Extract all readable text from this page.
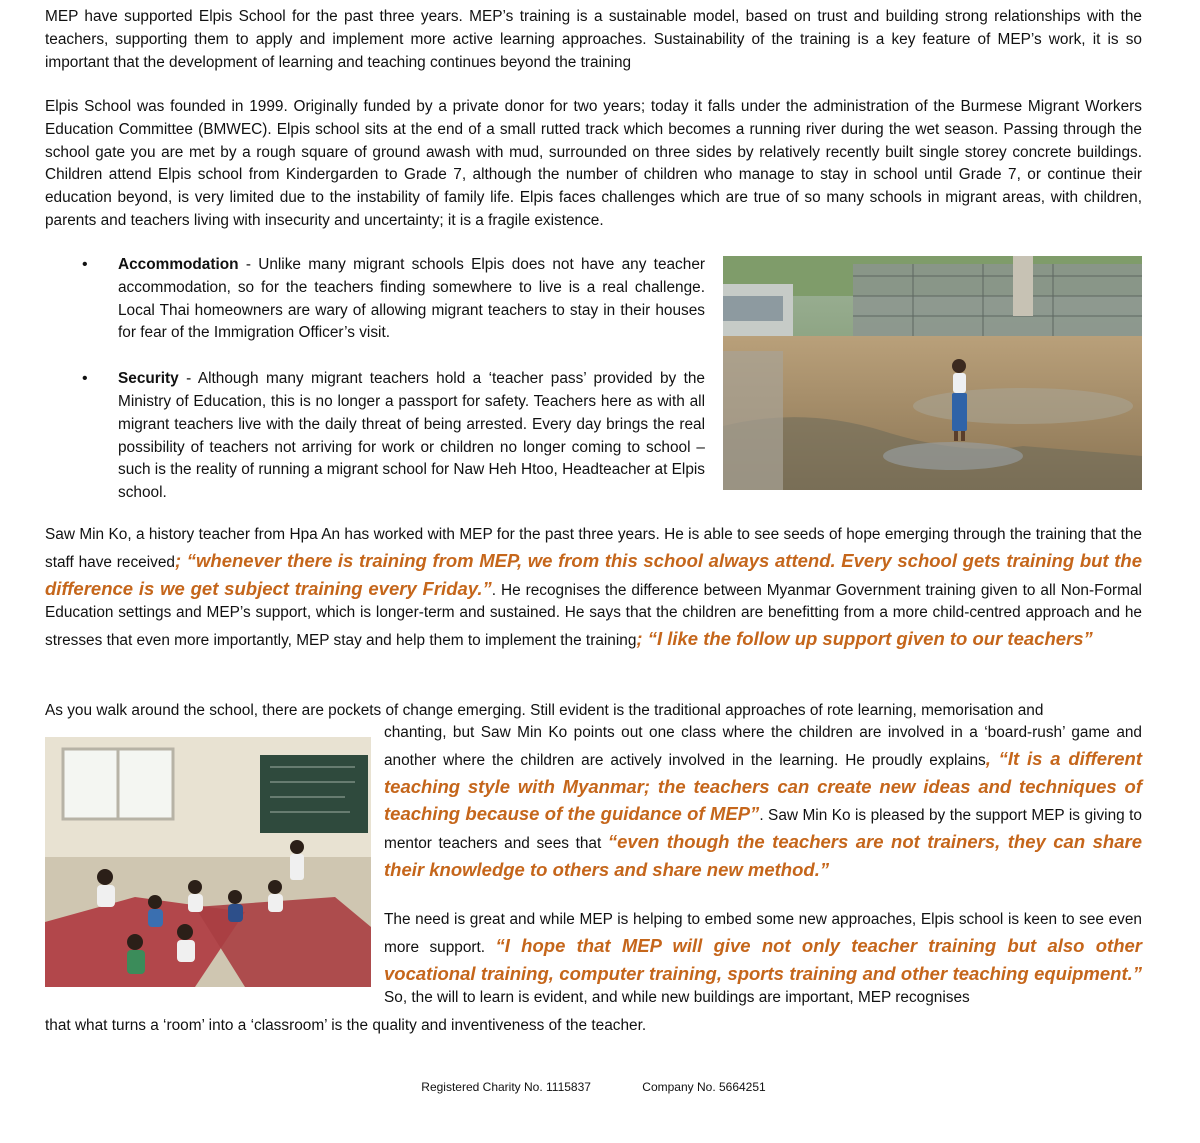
MEP have supported Elpis School for the past three years. MEP’s training is a sustainable model, based on trust and building strong relationships with the teachers, supporting them to apply and implement more active learning approaches. Sustainability of the training is a key feature of MEP’s work, it is so important that the development of learning and teaching continues beyond the training

Elpis School was founded in 1999. Originally funded by a private donor for two years; today it falls under the administration of the Burmese Migrant Workers Education Committee (BMWEC). Elpis school sits at the end of a small rutted track which becomes a running river during the wet season. Passing through the school gate you are met by a rough square of ground awash with mud, surrounded on three sides by relatively recently built single storey concrete buildings. Children attend Elpis school from Kindergarden to Grade 7, although the number of children who manage to stay in school until Grade 7, or continue their education beyond, is very limited due to the instability of family life. Elpis faces challenges which are true of so many schools in migrant areas, with children, parents and teachers living with insecurity and uncertainty; it is a fragile existence.

• Accommodation - Unlike many migrant schools Elpis does not have any teacher accommodation, so for the teachers finding somewhere to live is a real challenge. Local Thai homeowners are wary of allowing migrant teachers to stay in their houses for fear of the Immigration Officer’s visit.

• Security - Although many migrant teachers hold a ‘teacher pass’ provided by the Ministry of Education, this is no longer a passport for safety. Teachers here as with all migrant teachers live with the daily threat of being arrested. Every day brings the real possibility of teachers not arriving for work or children no longer coming to school – such is the reality of running a migrant school for Naw Heh Htoo, Headteacher at Elpis school.

Saw Min Ko, a history teacher from Hpa An has worked with MEP for the past three years. He is able to see seeds of hope emerging through the training that the staff have received; “whenever there is training from MEP, we from this school always attend. Every school gets training but the difference is we get subject training every Friday.”. He recognises the difference between Myanmar Government training given to all Non-Formal Education settings and MEP’s support, which is longer-term and sustained. He says that the children are benefitting from a more child-centred approach and he stresses that even more importantly, MEP stay and help them to implement the training; “I like the follow up support given to our teachers”

As you walk around the school, there are pockets of change emerging. Still evident is the traditional approaches of rote learning, memorisation and

chanting, but Saw Min Ko points out one class where the children are involved in a ‘board-rush’ game and another where the children are actively involved in the learning. He proudly explains, “It is a different teaching style with Myanmar; the teachers can create new ideas and techniques of teaching because of the guidance of MEP”. Saw Min Ko is pleased by the support MEP is giving to mentor teachers and sees that “even though the teachers are not trainers, they can share their knowledge to others and share new method.”

The need is great and while MEP is helping to embed some new approaches, Elpis school is keen to see even more support. “I hope that MEP will give not only teacher training but also other vocational training, computer training, sports training and other teaching equipment.” So, the will to learn is evident, and while new buildings are important, MEP recognises

that what turns a ‘room’ into a ‘classroom’ is the quality and inventiveness of the teacher.

Registered Charity No. 1115837	Company No. 5664251
